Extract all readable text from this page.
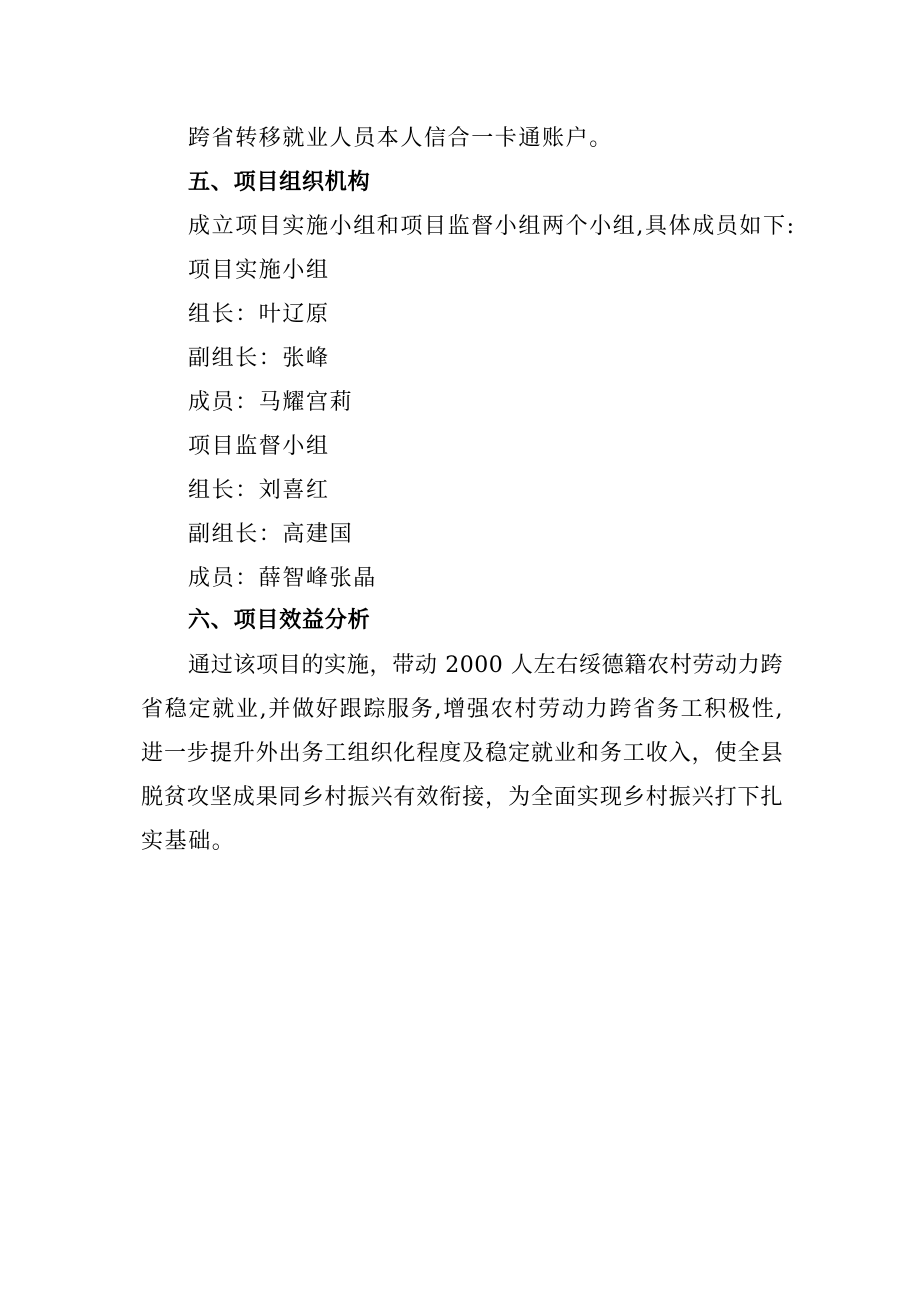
跨省转移就业人员本人信合一卡通账户。
五、项目组织机构
成立项目实施小组和项目监督小组两个小组,具体成员如下:
项目实施小组
组长：叶辽原
副组长：张峰
成员：马耀宫莉
项目监督小组
组长：刘喜红
副组长：高建国
成员：薛智峰张晶
六、项目效益分析
通过该项目的实施，带动 2000 人左右绥德籍农村劳动力跨
省稳定就业,并做好跟踪服务,增强农村劳动力跨省务工积极性,
进一步提升外出务工组织化程度及稳定就业和务工收入，使全县
脱贫攻坚成果同乡村振兴有效衔接，为全面实现乡村振兴打下扎
实基础。
